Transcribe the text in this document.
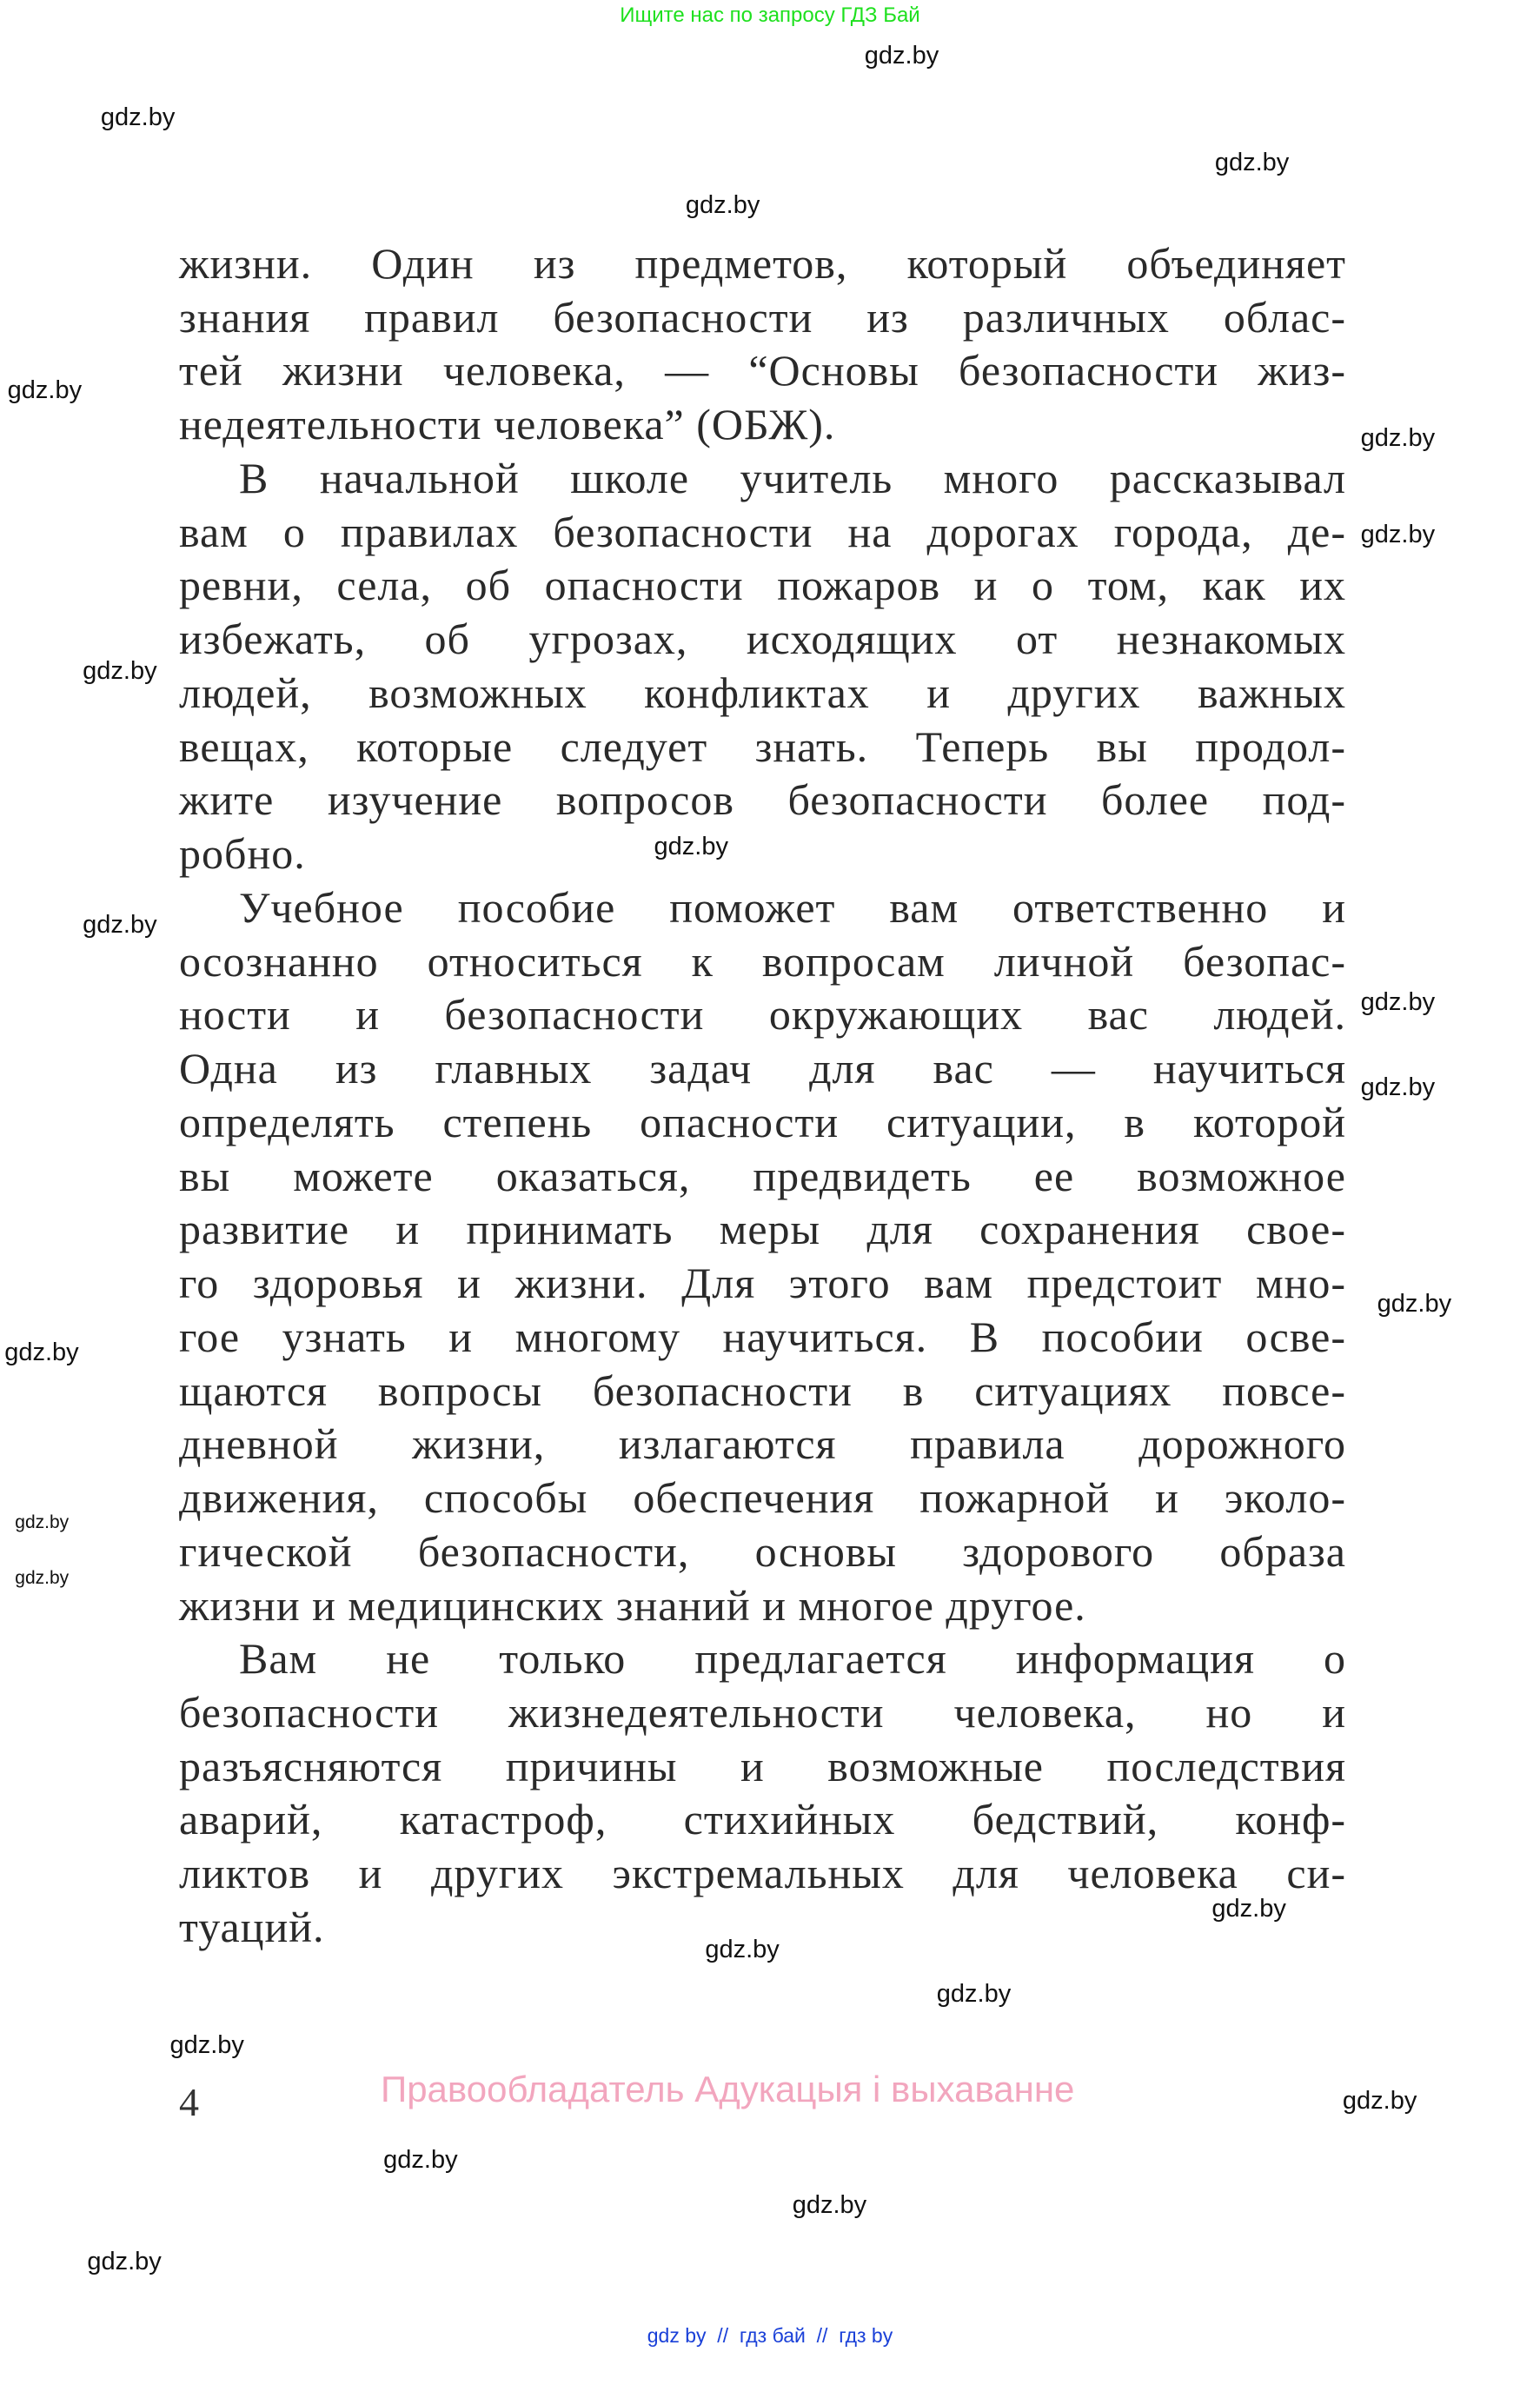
Ищите нас по запросу ГДЗ Бай
жизни. Один из предметов, который объединяет
знания правил безопасности из различных облас-
тей жизни человека, — “Основы безопасности жиз-
недеятельности человека” (ОБЖ).
В начальной школе учитель много рассказывал
вам о правилах безопасности на дорогах города, де-
ревни, села, об опасности пожаров и о том, как их
избежать, об угрозах, исходящих от незнакомых
людей, возможных конфликтах и других важных
вещах, которые следует знать. Теперь вы продол-
жите изучение вопросов безопасности более под-
робно.
Учебное пособие поможет вам ответственно и
осознанно относиться к вопросам личной безопас-
ности и безопасности окружающих вас людей.
Одна из главных задач для вас — научиться
определять степень опасности ситуации, в которой
вы можете оказаться, предвидеть ее возможное
развитие и принимать меры для сохранения свое-
го здоровья и жизни. Для этого вам предстоит мно-
гое узнать и многому научиться. В пособии осве-
щаются вопросы безопасности в ситуациях повсе-
дневной жизни, излагаются правила дорожного
движения, способы обеспечения пожарной и эколо-
гической безопасности, основы здорового образа
жизни и медицинских знаний и многое другое.
Вам не только предлагается информация о
безопасности жизнедеятельности человека, но и
разъясняются причины и возможные последствия
аварий, катастроф, стихийных бедствий, конф-
ликтов и других экстремальных для человека си-
туаций.
gdz.by
gdz.by
gdz.by
gdz.by
gdz.by
gdz.by
gdz.by
gdz.by
gdz.by
gdz.by
gdz.by
gdz.by
gdz.by
gdz.by
gdz.by
gdz.by
gdz.by
gdz.by
gdz.by
gdz.by
gdz.by
gdz.by
gdz.by
gdz.by
4	Правообладатель Адукацыя і выхаванне
gdz by  //  гдз бай  //  гдз by
